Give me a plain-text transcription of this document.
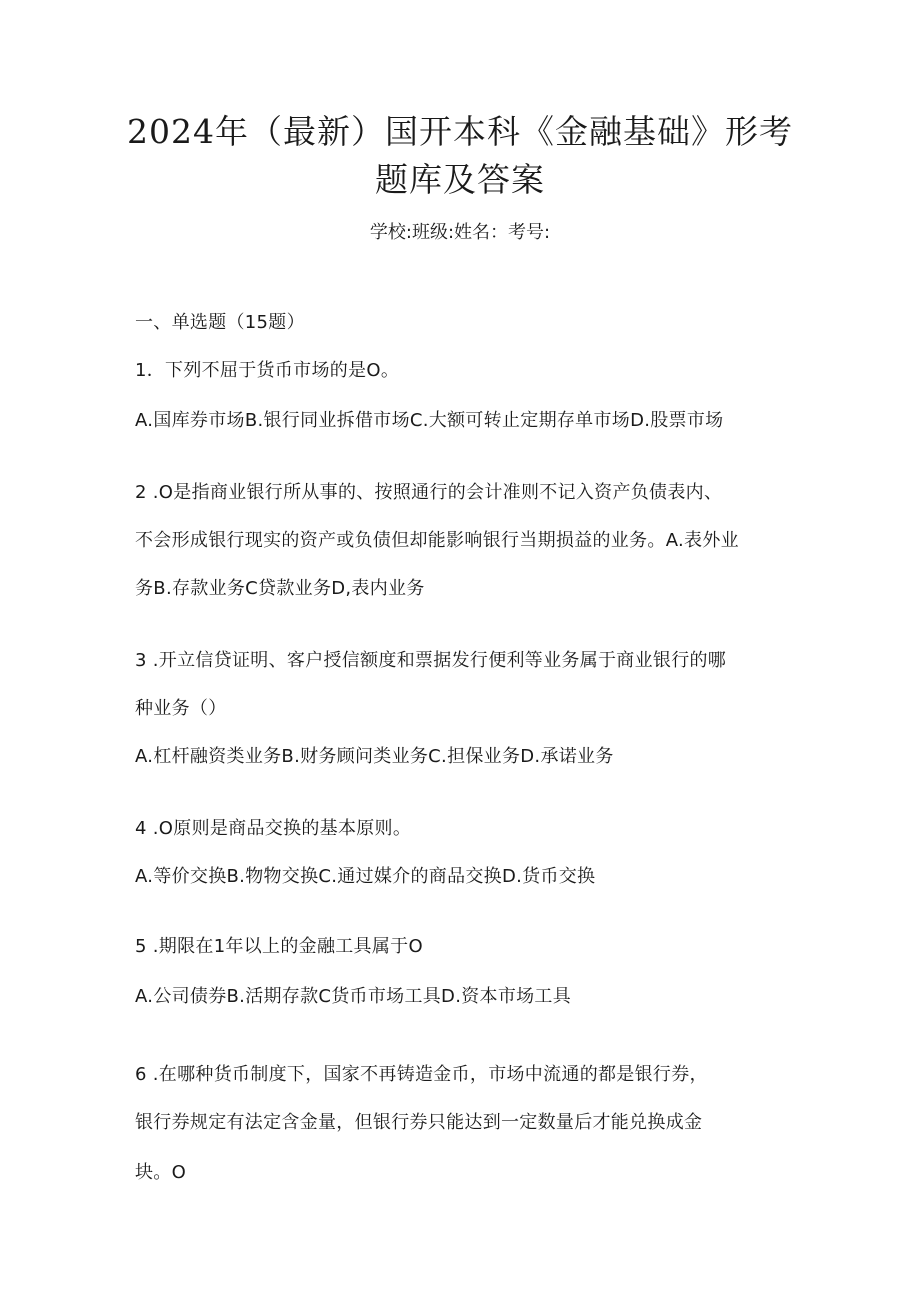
2024年（最新）国开本科《金融基础》形考
题库及答案
学校:班级:姓名：考号:
一、单选题（15题）
1．下列不屈于货币市场的是O。
A.国库券市场B.银行同业拆借市场C.大额可转止定期存单市场D.股票市场
2 .O是指商业银行所从事的、按照通行的会计准则不记入资产负债表内、
不会形成银行现实的资产或负债但却能影响银行当期损益的业务。A.表外业
务B.存款业务C贷款业务D,表内业务
3 .开立信贷证明、客户授信额度和票据发行便利等业务属于商业银行的哪
种业务（）
A.杠杆融资类业务B.财务顾问类业务C.担保业务D.承诺业务
4 .O原则是商品交换的基本原则。
A.等价交换B.物物交换C.通过媒介的商品交换D.货币交换
5 .期限在1年以上的金融工具属于O
A.公司债券B.活期存款C货币市场工具D.资本市场工具
6 .在哪种货币制度下，国家不再铸造金币，市场中流通的都是银行券，
银行券规定有法定含金量，但银行券只能达到一定数量后才能兑换成金
块。O
